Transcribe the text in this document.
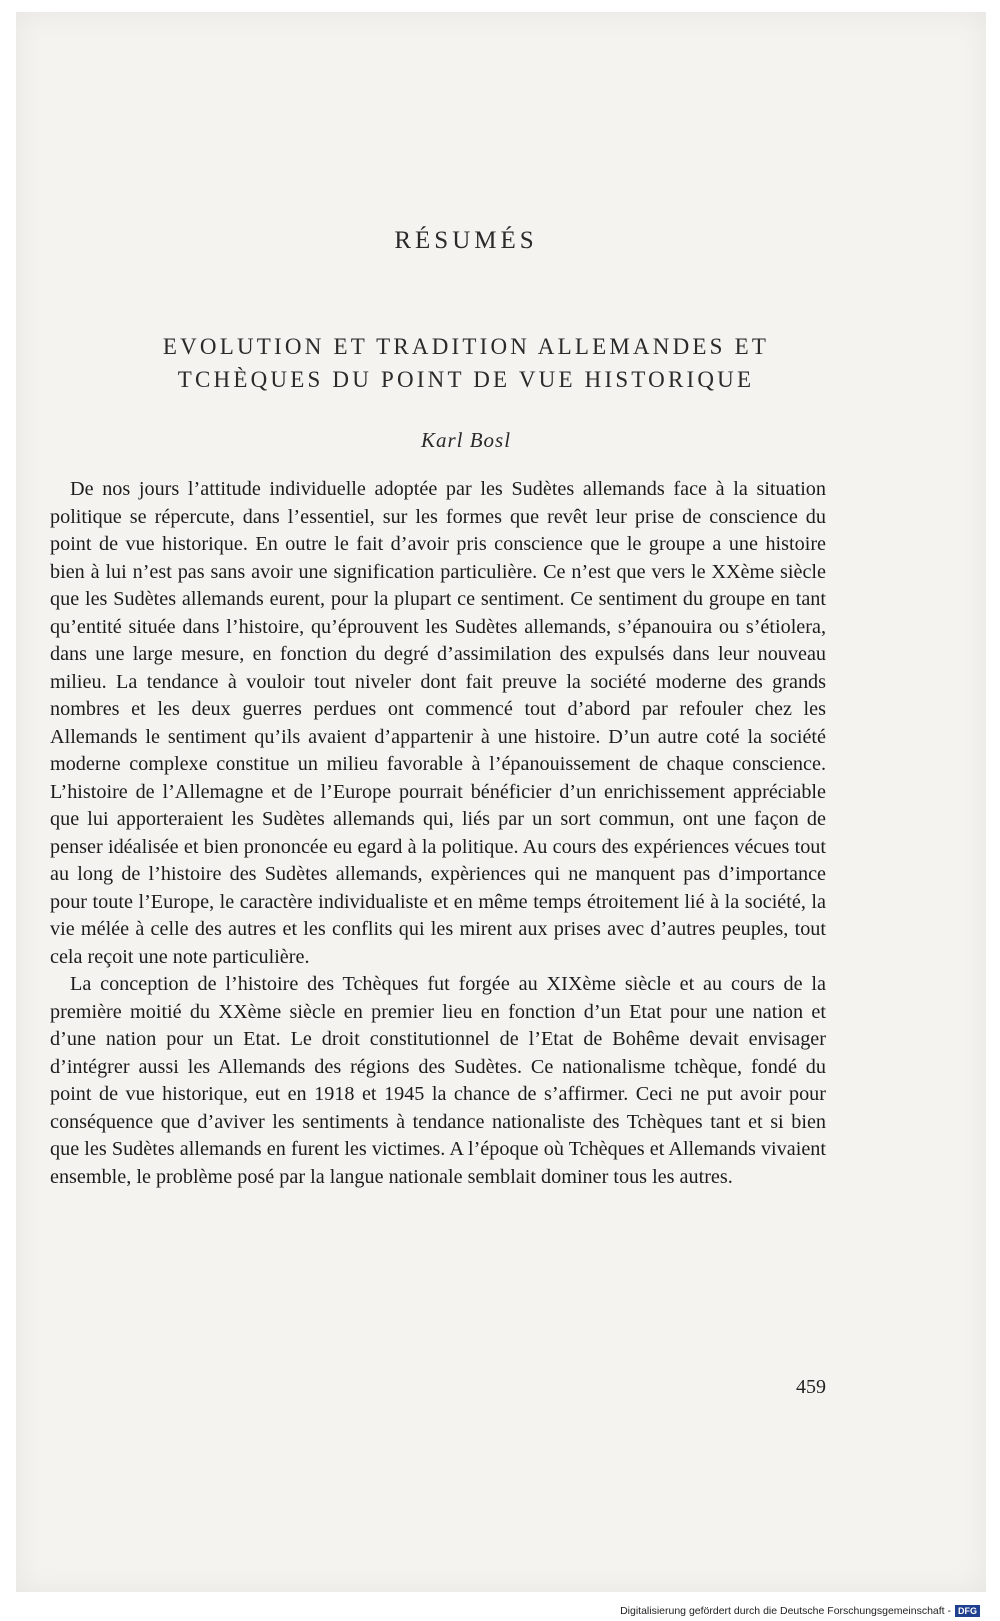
RÉSUMÉS
EVOLUTION ET TRADITION ALLEMANDES ET
TCHÈQUES DU POINT DE VUE HISTORIQUE
Karl Bosl

De nos jours l’attitude individuelle adoptée par les Sudètes allemands face à la situation politique se répercute, dans l’essentiel, sur les formes que revêt leur prise de conscience du point de vue historique. En outre le fait d’avoir pris conscience que le groupe a une histoire bien à lui n’est pas sans avoir une signification particulière. Ce n’est que vers le XXème siècle que les Sudètes allemands eurent, pour la plupart ce sentiment. Ce sentiment du groupe en tant qu’entité située dans l’histoire, qu’éprouvent les Sudètes allemands, s’épanouira ou s’étiolera, dans une large mesure, en fonction du degré d’assimilation des expulsés dans leur nouveau milieu. La tendance à vouloir tout niveler dont fait preuve la société moderne des grands nombres et les deux guerres perdues ont commencé tout d’abord par refouler chez les Allemands le sentiment qu’ils avaient d’appartenir à une histoire. D’un autre coté la société moderne complexe constitue un milieu favorable à l’épanouissement de chaque conscience. L’histoire de l’Allemagne et de l’Europe pourrait bénéficier d’un enrichissement appréciable que lui apporteraient les Sudètes allemands qui, liés par un sort commun, ont une façon de penser idéalisée et bien prononcée eu egard à la politique. Au cours des expériences vécues tout au long de l’histoire des Sudètes allemands, expèriences qui ne manquent pas d’importance pour toute l’Europe, le caractère individualiste et en même temps étroitement lié à la société, la vie mélée à celle des autres et les conflits qui les mirent aux prises avec d’autres peuples, tout cela reçoit une note particulière.

La conception de l’histoire des Tchèques fut forgée au XIXème siècle et au cours de la première moitié du XXème siècle en premier lieu en fonction d’un Etat pour une nation et d’une nation pour un Etat. Le droit constitutionnel de l’Etat de Bohême devait envisager d’intégrer aussi les Allemands des régions des Sudètes. Ce nationalisme tchèque, fondé du point de vue historique, eut en 1918 et 1945 la chance de s’affirmer. Ceci ne put avoir pour conséquence que d’aviver les sentiments à tendance nationaliste des Tchèques tant et si bien que les Sudètes allemands en furent les victimes. A l’époque où Tchèques et Allemands vivaient ensemble, le problème posé par la langue nationale semblait dominer tous les autres.

459
Digitalisierung gefördert durch die Deutsche Forschungsgemeinschaft - DFG
